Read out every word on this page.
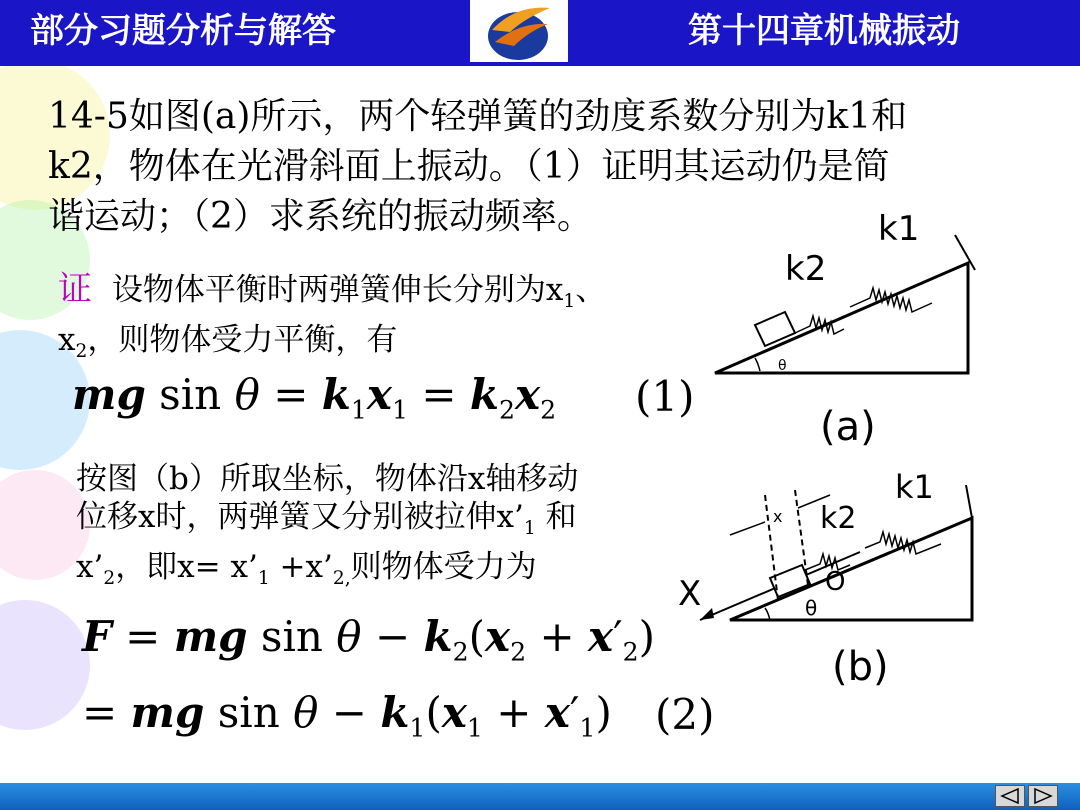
部分习题分析与解答	第十四章机械振动
14-5如图(a)所示，两个轻弹簧的劲度系数分别为k1和
k2，物体在光滑斜面上振动。（1）证明其运动仍是简
谐运动；（2）求系统的振动频率。
证 设物体平衡时两弹簧伸长分别为$x_1$、
$x_2$，则物体受力平衡，有
mg $\sin \theta = k_1x_1 = k_2x_2$ (1)
按图（b）所取坐标，物体沿x轴移动
位移x时，两弹簧又分别被拉伸$x’_1$ 和
$x’_2$，即$x= x’_1$ $+x’_{2,}$则物体受力为
F = mg $\sin \theta - k_2(x_2 + x'_2)$
= mg $\sin \theta - k_1(x_1 + x'_1)$ (2)
θ
k1
k2
(a)
x
X	O
θ
k1
k2
(b)
